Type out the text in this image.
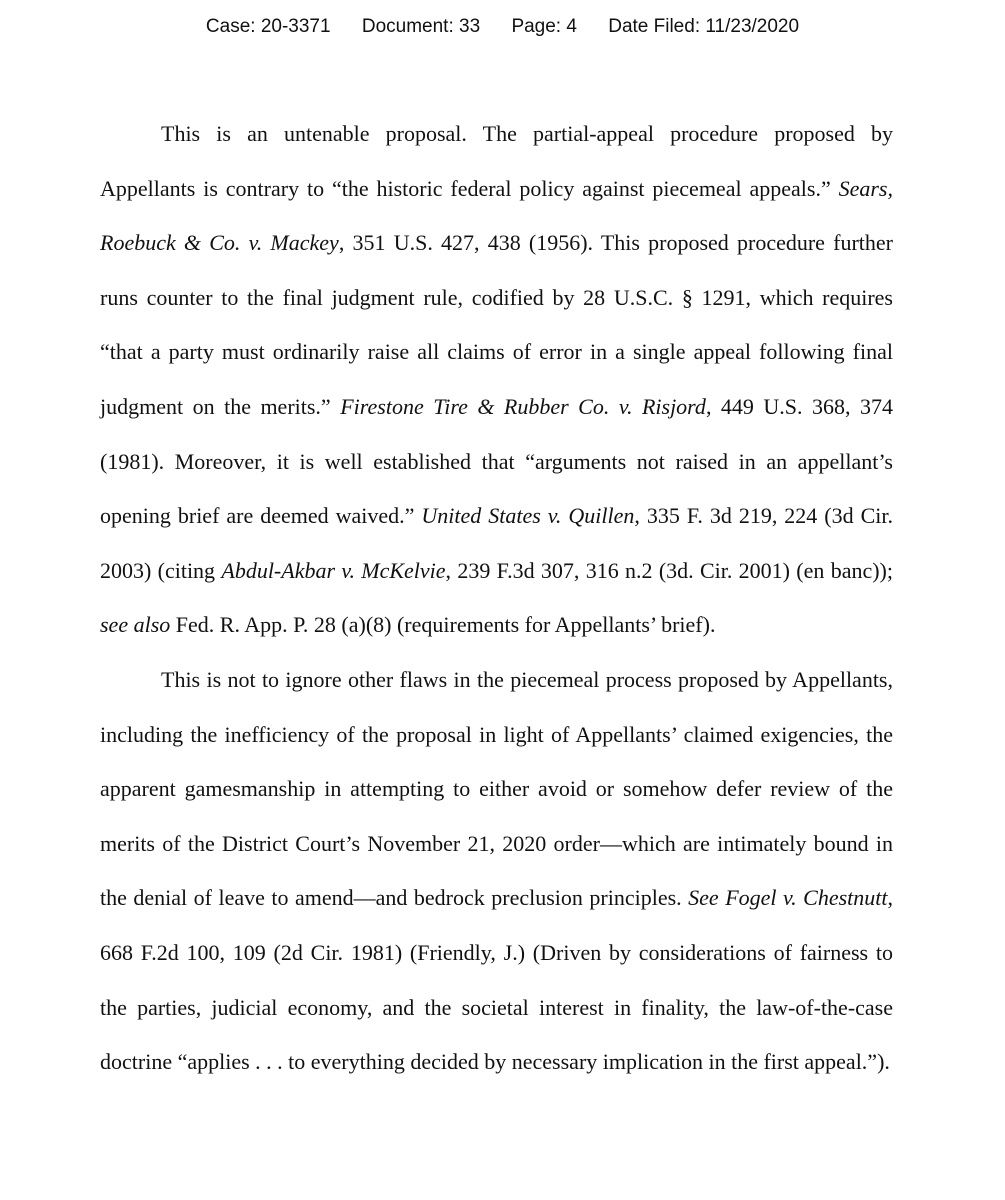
Case: 20-3371 Document: 33 Page: 4 Date Filed: 11/23/2020

This is an untenable proposal. The partial-appeal procedure proposed by Appellants is contrary to “the historic federal policy against piecemeal appeals.” Sears, Roebuck & Co. v. Mackey, 351 U.S. 427, 438 (1956). This proposed procedure further runs counter to the final judgment rule, codified by 28 U.S.C. § 1291, which requires “that a party must ordinarily raise all claims of error in a single appeal following final judgment on the merits.” Firestone Tire & Rubber Co. v. Risjord, 449 U.S. 368, 374 (1981). Moreover, it is well established that “arguments not raised in an appellant’s opening brief are deemed waived.” United States v. Quillen, 335 F. 3d 219, 224 (3d Cir. 2003) (citing Abdul-Akbar v. McKelvie, 239 F.3d 307, 316 n.2 (3d. Cir. 2001) (en banc)); see also Fed. R. App. P. 28 (a)(8) (requirements for Appellants’ brief).

This is not to ignore other flaws in the piecemeal process proposed by Appellants, including the inefficiency of the proposal in light of Appellants’ claimed exigencies, the apparent gamesmanship in attempting to either avoid or somehow defer review of the merits of the District Court’s November 21, 2020 order—which are intimately bound in the denial of leave to amend—and bedrock preclusion principles. See Fogel v. Chestnutt, 668 F.2d 100, 109 (2d Cir. 1981) (Friendly, J.) (Driven by considerations of fairness to the parties, judicial economy, and the societal interest in finality, the law-of-the-case doctrine “applies . . . to everything decided by necessary implication in the first appeal.”).
